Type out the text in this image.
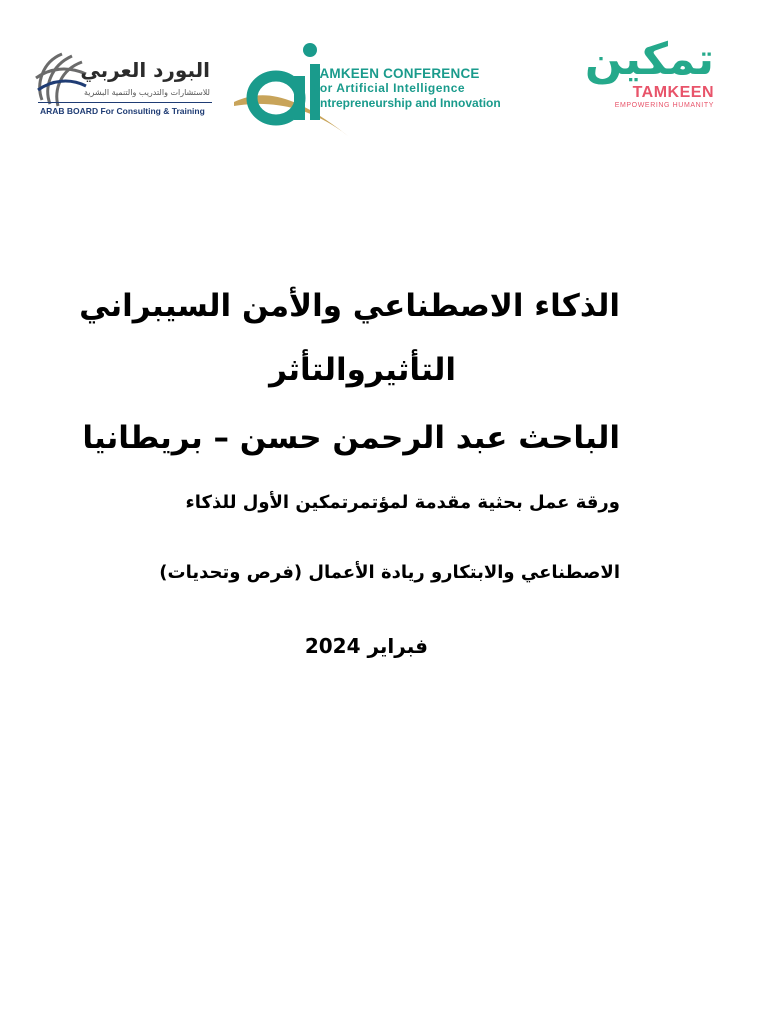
البورد العربي
للاستشارات والتدريب والتنمية البشرية
ARAB BOARD For Consulting & Training
TAMKEEN CONFERENCE
For Artificial Intelligence
Entrepreneurship and Innovation
تمكين
TAMKEEN
EMPOWERING HUMANITY
الذكاء الاصطناعي والأمن السيبراني
التأثيروالتأثر
الباحث عبد الرحمن حسن – بريطانيا
ورقة عمل بحثية مقدمة لمؤتمرتمكين الأول للذكاء
الاصطناعي والابتكارو ريادة الأعمال (فرص وتحديات)
فبراير 2024
